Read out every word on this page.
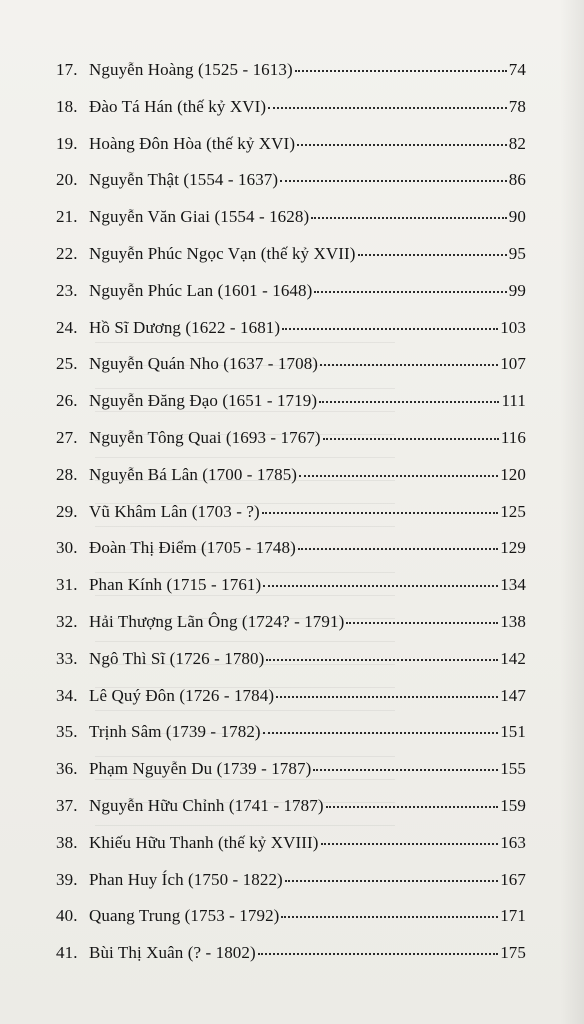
17. Nguyễn Hoàng (1525 - 1613)	74
18. Đào Tá Hán (thế kỷ XVI)	78
19. Hoàng Đôn Hòa (thế kỷ XVI)	82
20. Nguyễn Thật (1554 - 1637)	86
21. Nguyễn Văn Giai (1554 - 1628)	90
22. Nguyễn Phúc Ngọc Vạn (thế kỷ XVII)	95
23. Nguyễn Phúc Lan (1601 - 1648)	99
24. Hồ Sĩ Dương (1622 - 1681)	103
25. Nguyễn Quán Nho (1637 - 1708)	107
26. Nguyễn Đăng Đạo (1651 - 1719)	111
27. Nguyễn Tông Quai (1693 - 1767)	116
28. Nguyễn Bá Lân (1700 - 1785)	120
29. Vũ Khâm Lân (1703 - ?)	125
30. Đoàn Thị Điểm (1705 - 1748)	129
31. Phan Kính (1715 - 1761)	134
32. Hải Thượng Lãn Ông (1724? - 1791)	138
33. Ngô Thì Sĩ (1726 - 1780)	142
34. Lê Quý Đôn (1726 - 1784)	147
35. Trịnh Sâm (1739 - 1782)	151
36. Phạm Nguyễn Du (1739 - 1787)	155
37. Nguyễn Hữu Chỉnh (1741 - 1787)	159
38. Khiếu Hữu Thanh (thế kỷ XVIII)	163
39. Phan Huy Ích (1750 - 1822)	167
40. Quang Trung (1753 - 1792)	171
41. Bùi Thị Xuân (? - 1802)	175
